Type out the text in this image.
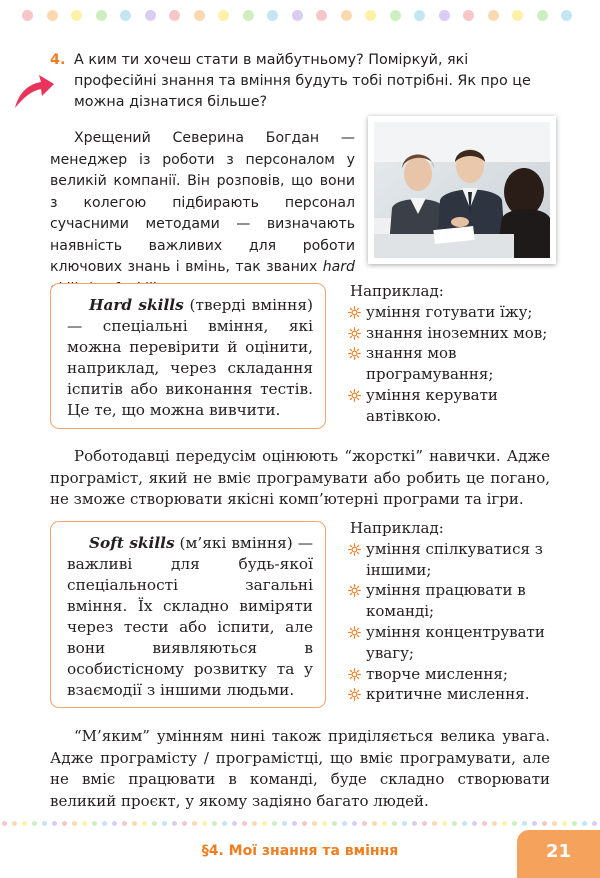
4. А ким ти хочеш стати в майбутньому? Поміркуй, які професійні знання та вміння будуть тобі потрібні. Як про це можна дізнатися більше?

Хрещений Северина Богдан — менеджер із роботи з персоналом у великій компанії. Він розповів, що вони з колегою підбирають персонал сучасними методами — визначають наявність важливих для роботи ключових знань і вмінь, так званих hard

Hard skills (тверді вміння) — спеціальні вміння, які можна перевірити й оцінити, наприклад, через складання іспитів або виконання тестів. Це те, що можна вивчити.

Наприклад:
уміння готувати їжу;
знання іноземних мов;
знання мов програмування;
уміння керувати автівкою.

Роботодавці передусім оцінюють “жорсткі” навички. Адже програміст, який не вміє програмувати або робить це погано, не зможе створювати якісні комп’ютерні програми та ігри.

Soft skills (м’які вміння) — важливі для будь-якої спеціальності загальні вміння. Їх складно виміряти через тести або іспити, але вони виявляються в особистісному розвитку та у взаємодії з іншими людьми.

Наприклад:
уміння спілкуватися з іншими;
уміння працювати в команді;
уміння концентрувати увагу;
творче мислення;
критичне мислення.

“М’яким” умінням нині також приділяється велика увага. Адже програмісту / програмістці, що вміє програмувати, але не вміє працювати в команді, буде складно створювати великий проєкт, у якому задіяно багато людей.

§4. Мої знання та вміння	21
